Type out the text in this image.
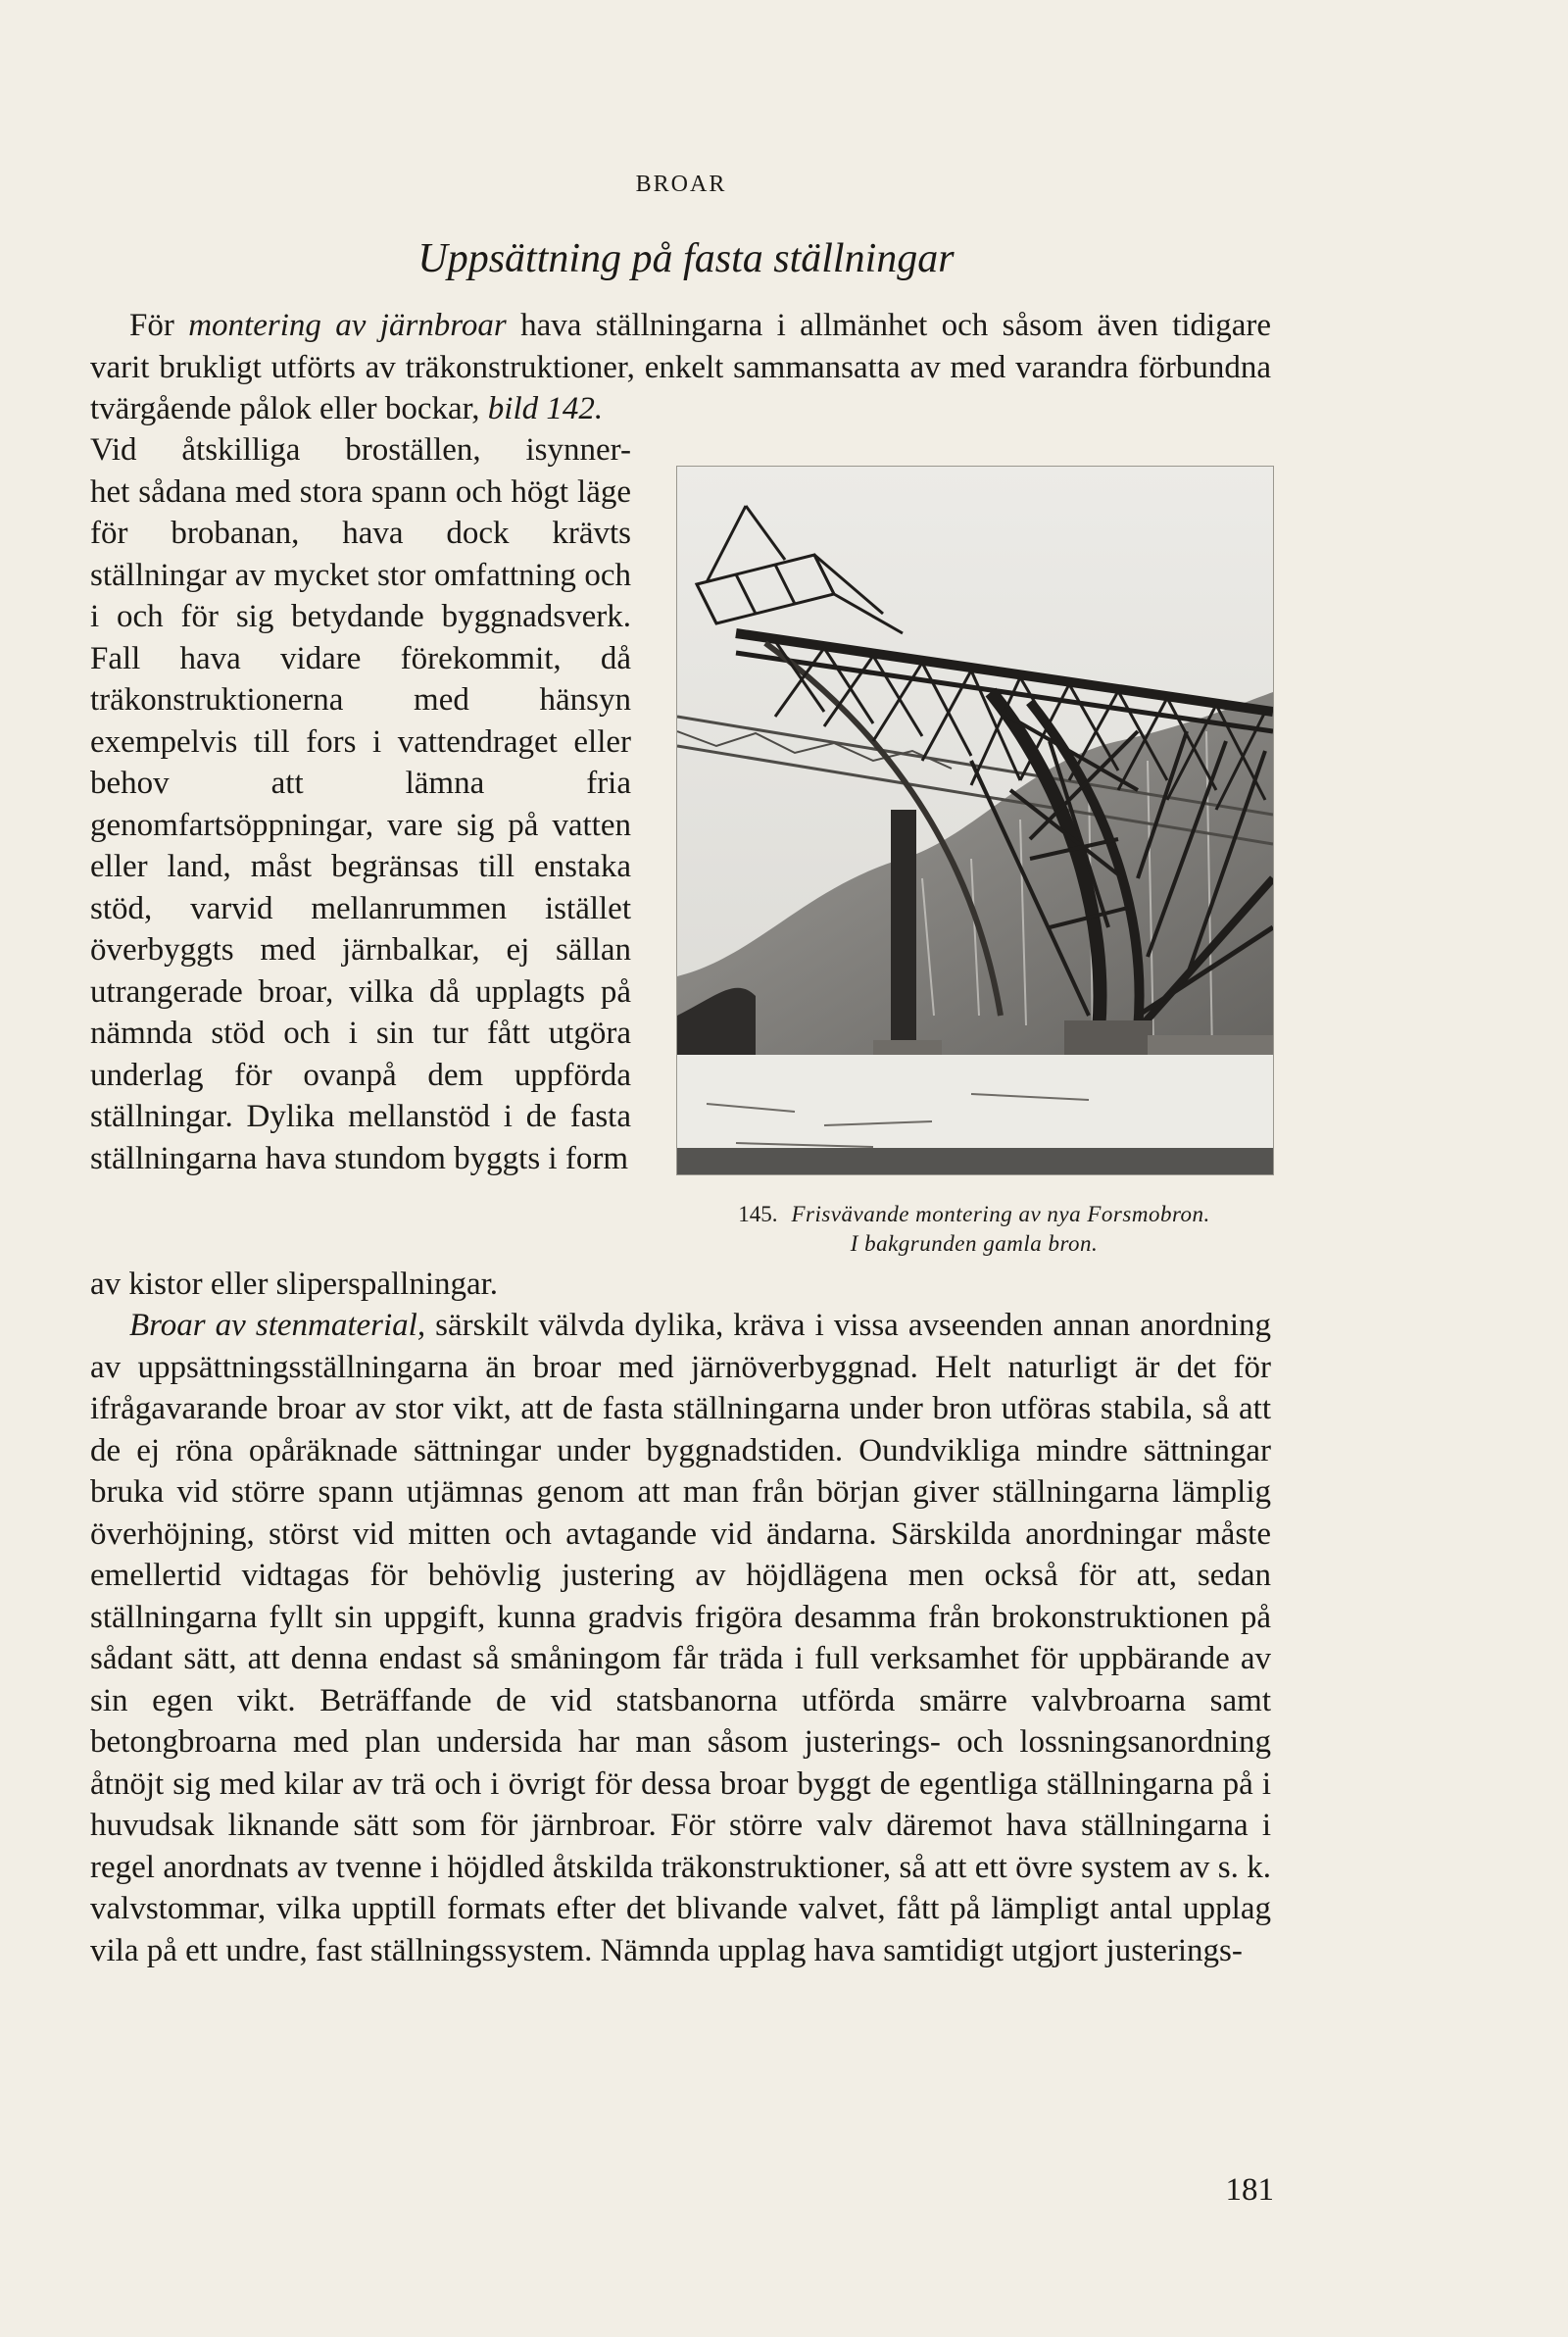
BROAR
Uppsättning på fasta ställningar

För montering av järnbroar hava ställningarna i allmänhet och såsom även tidigare varit brukligt utförts av träkonstruktioner, enkelt sammansatta av med varandra förbundna tvärgående pålok eller bockar, bild 142.

Vid åtskilliga broställen, isynner-
het sådana med stora spann och högt läge för brobanan, hava dock krävts ställningar av mycket stor omfattning och i och för sig betydande byggnadsverk. Fall hava vidare förekommit, då träkonstruktionerna med hänsyn exempelvis till fors i vattendraget eller behov att lämna fria genomfartsöppningar, vare sig på vatten eller land, måst begränsas till enstaka stöd, varvid mellanrummen istället överbyggts med järnbalkar, ej sällan utrangerade broar, vilka då upplagts på nämnda stöd och i sin tur fått utgöra underlag för ovanpå dem uppförda ställningar. Dylika mellanstöd i de fasta ställningarna hava stundom byggts i form

av kistor eller sliperspallningar.

Broar av stenmaterial, särskilt välvda dylika, kräva i vissa avseenden annan anordning av uppsättningsställningarna än broar med järnöverbyggnad. Helt naturligt är det för ifrågavarande broar av stor vikt, att de fasta ställningarna under bron utföras stabila, så att de ej röna opåräknade sättningar under byggnadstiden. Oundvikliga mindre sättningar bruka vid större spann utjämnas genom att man från början giver ställningarna lämplig överhöjning, störst vid mitten och avtagande vid ändarna. Särskilda anordningar måste emellertid vidtagas för behövlig justering av höjdlägena men också för att, sedan ställningarna fyllt sin uppgift, kunna gradvis frigöra desamma från brokonstruktionen på sådant sätt, att denna endast så småningom får träda i full verksamhet för uppbärande av sin egen vikt. Beträffande de vid statsbanorna utförda smärre valvbroarna samt betongbroarna med plan undersida har man såsom justerings- och lossningsanordning åtnöjt sig med kilar av trä och i övrigt för dessa broar byggt de egentliga ställningarna på i huvudsak liknande sätt som för järnbroar. För större valv däremot hava ställningarna i regel anordnats av tvenne i höjdled åtskilda träkonstruktioner, så att ett övre system av s. k. valvstommar, vilka upptill formats efter det blivande valvet, fått på lämpligt antal upplag vila på ett undre, fast ställningssystem. Nämnda upplag hava samtidigt utgjort justerings-

145. Frisvävande montering av nya Forsmobron.
I bakgrunden gamla bron.
181
